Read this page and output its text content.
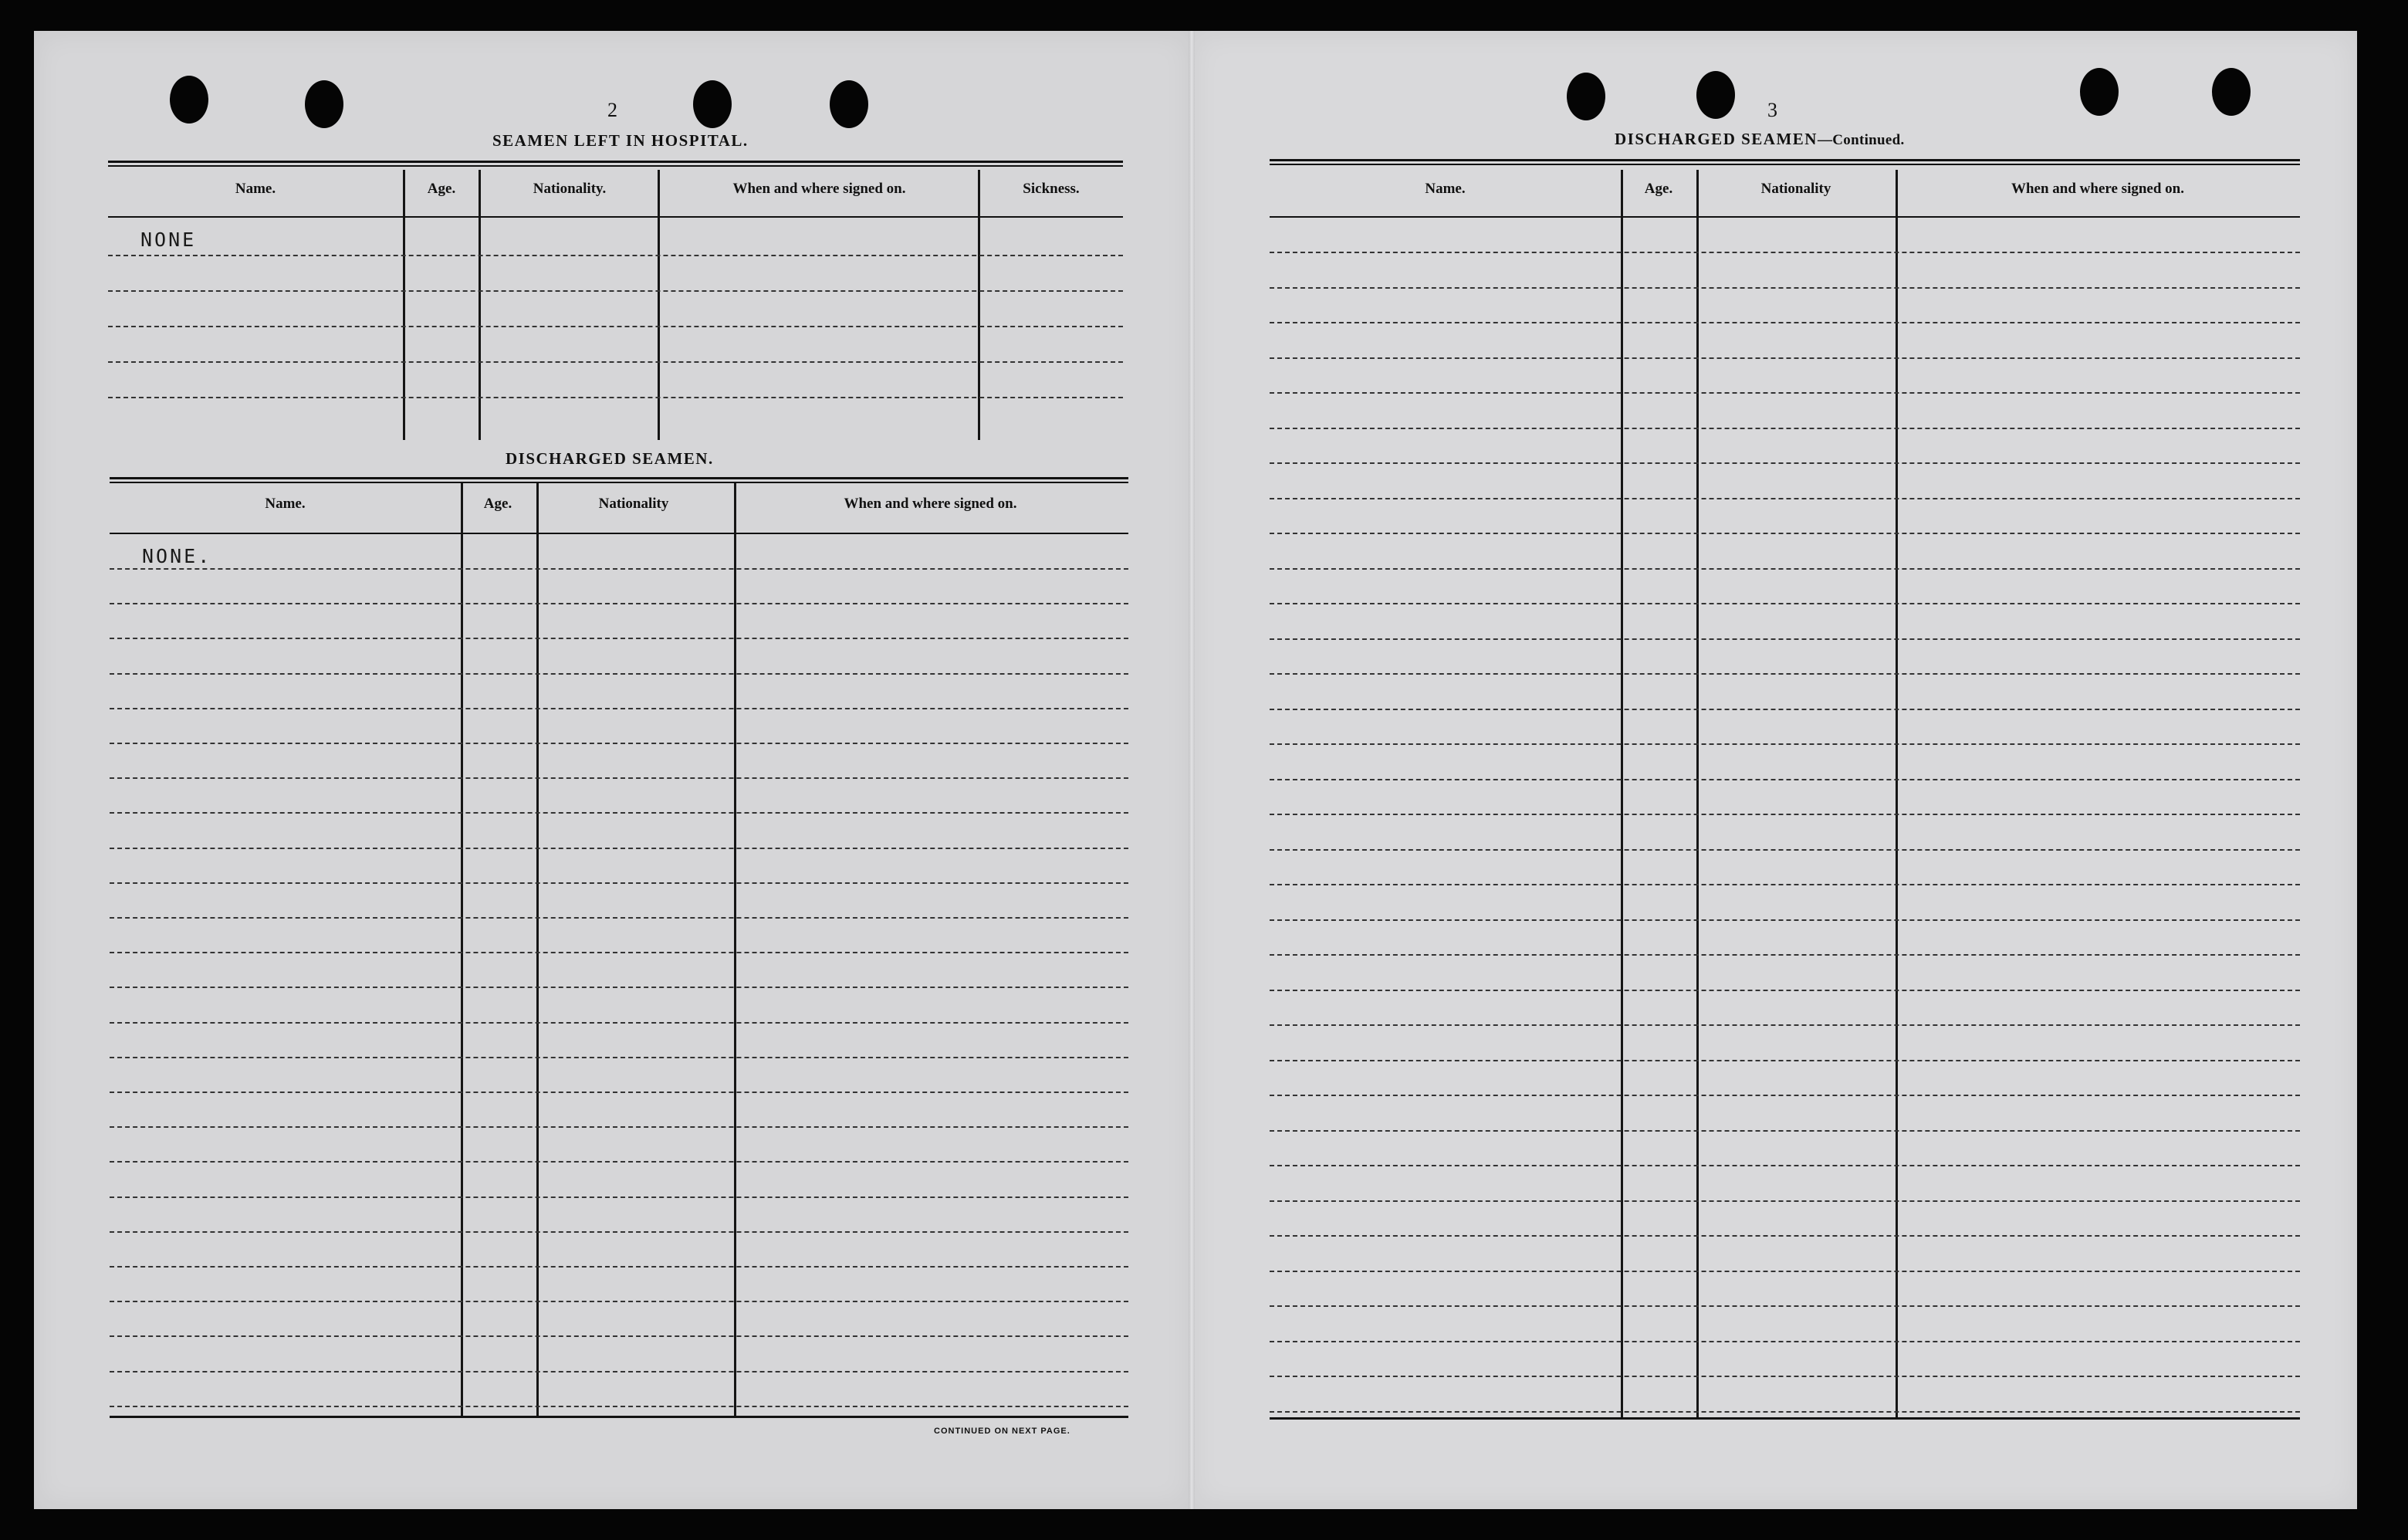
2
SEAMEN LEFT IN HOSPITAL.
Name.	Age.	Nationality.	When and where signed on.	Sickness.
NONE
DISCHARGED SEAMEN.
Name.	Age.	Nationality	When and where signed on.
NONE.
CONTINUED ON NEXT PAGE.
3
DISCHARGED SEAMEN—Continued.
Name.	Age.	Nationality	When and where signed on.
